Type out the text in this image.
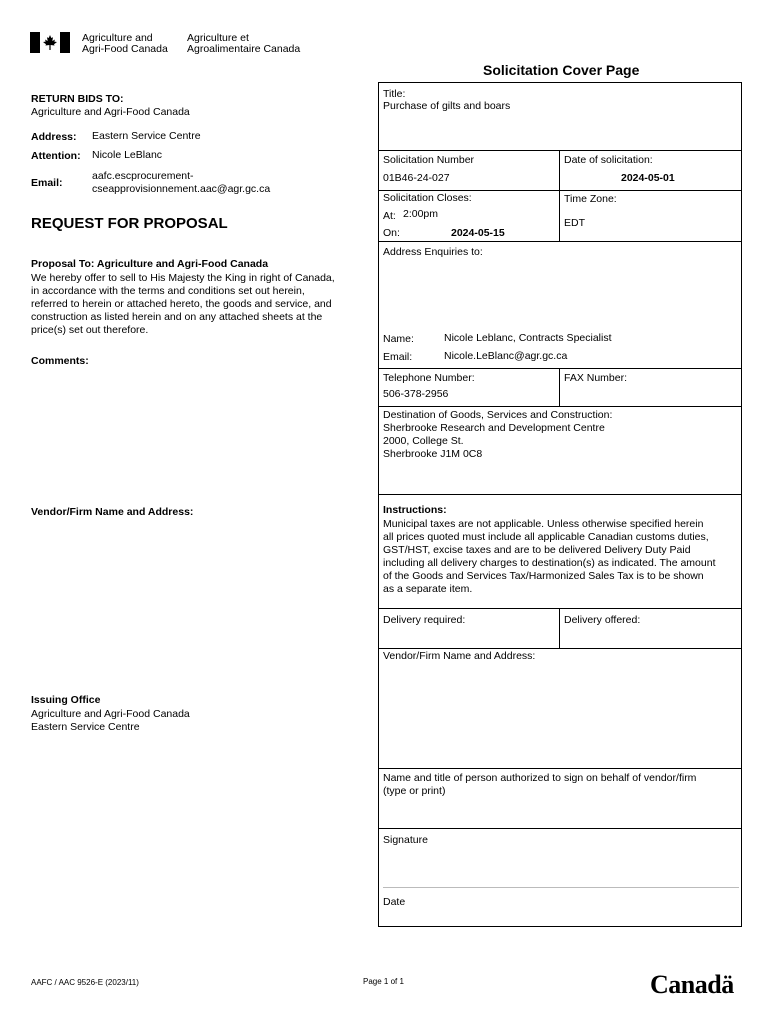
Agriculture and
Agri-Food Canada
Agriculture et
Agroalimentaire Canada
Solicitation Cover Page
RETURN BIDS TO:
Agriculture and Agri-Food Canada
Address: Eastern Service Centre
Attention: Nicole LeBlanc
Email:
aafc.escprocurement-
cseapprovisionnement.aac@agr.gc.ca
REQUEST FOR PROPOSAL
Proposal To: Agriculture and Agri-Food Canada
We hereby offer to sell to His Majesty the King in right of Canada,
in accordance with the terms and conditions set out herein,
referred to herein or attached hereto, the goods and service, and
construction as listed herein and on any attached sheets at the
price(s) set out therefore.
Comments:
Vendor/Firm Name and Address:
Issuing Office
Agriculture and Agri-Food Canada
Eastern Service Centre
Title:
Purchase of gilts and boars
Solicitation Number
01B46-24-027
Date of solicitation:
2024-05-01
Solicitation Closes:
At: 2:00pm
On:	2024-05-15
Time Zone:
EDT
Address Enquiries to:
Name:	Nicole Leblanc, Contracts Specialist
Email:	Nicole.LeBlanc@agr.gc.ca
Telephone Number:
506-378-2956
FAX Number:
Destination of Goods, Services and Construction:
Sherbrooke Research and Development Centre
2000, College St.
Sherbrooke J1M 0C8
Instructions:
Municipal taxes are not applicable. Unless otherwise specified herein
all prices quoted must include all applicable Canadian customs duties,
GST/HST, excise taxes and are to be delivered Delivery Duty Paid
including all delivery charges to destination(s) as indicated. The amount
of the Goods and Services Tax/Harmonized Sales Tax is to be shown
as a separate item.
Delivery required:	Delivery offered:
Vendor/Firm Name and Address:
Name and title of person authorized to sign on behalf of vendor/firm
(type or print)
Signature
Date
AAFC / AAC 9526-E (2023/11)	Page 1 of 1	Canadä
